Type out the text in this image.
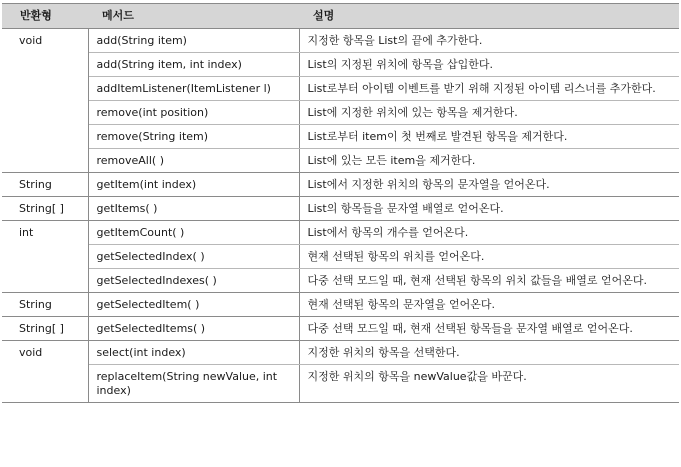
반환형	메서드	설명
void	add(String item)	지정한 항목을 List의 끝에 추가한다.
	add(String item, int index)	List의 지정된 위치에 항목을 삽입한다.
	addItemListener(ItemListener l)	List로부터 아이템 이벤트를 받기 위해 지정된 아이템 리스너를 추가한다.
	remove(int position)	List에 지정한 위치에 있는 항목을 제거한다.
	remove(String item)	List로부터 item이 첫 번째로 발견된 항목을 제거한다.
	removeAll( )	List에 있는 모든 item을 제거한다.
String	getItem(int index)	List에서 지정한 위치의 항목의 문자열을 얻어온다.
String[ ]	getItems( )	List의 항목들을 문자열 배열로 얻어온다.
int	getItemCount( )	List에서 항목의 개수를 얻어온다.
	getSelectedIndex( )	현재 선택된 항목의 위치를 얻어온다.
	getSelectedIndexes( )	다중 선택 모드일 때, 현재 선택된 항목의 위치 값들을 배열로 얻어온다.
String	getSelectedItem( )	현재 선택된 항목의 문자열을 얻어온다.
String[ ]	getSelectedItems( )	다중 선택 모드일 때, 현재 선택된 항목들을 문자열 배열로 얻어온다.
void	select(int index)	지정한 위치의 항목을 선택한다.
	replaceItem(String newValue, int index)	지정한 위치의 항목을 newValue값을 바꾼다.
